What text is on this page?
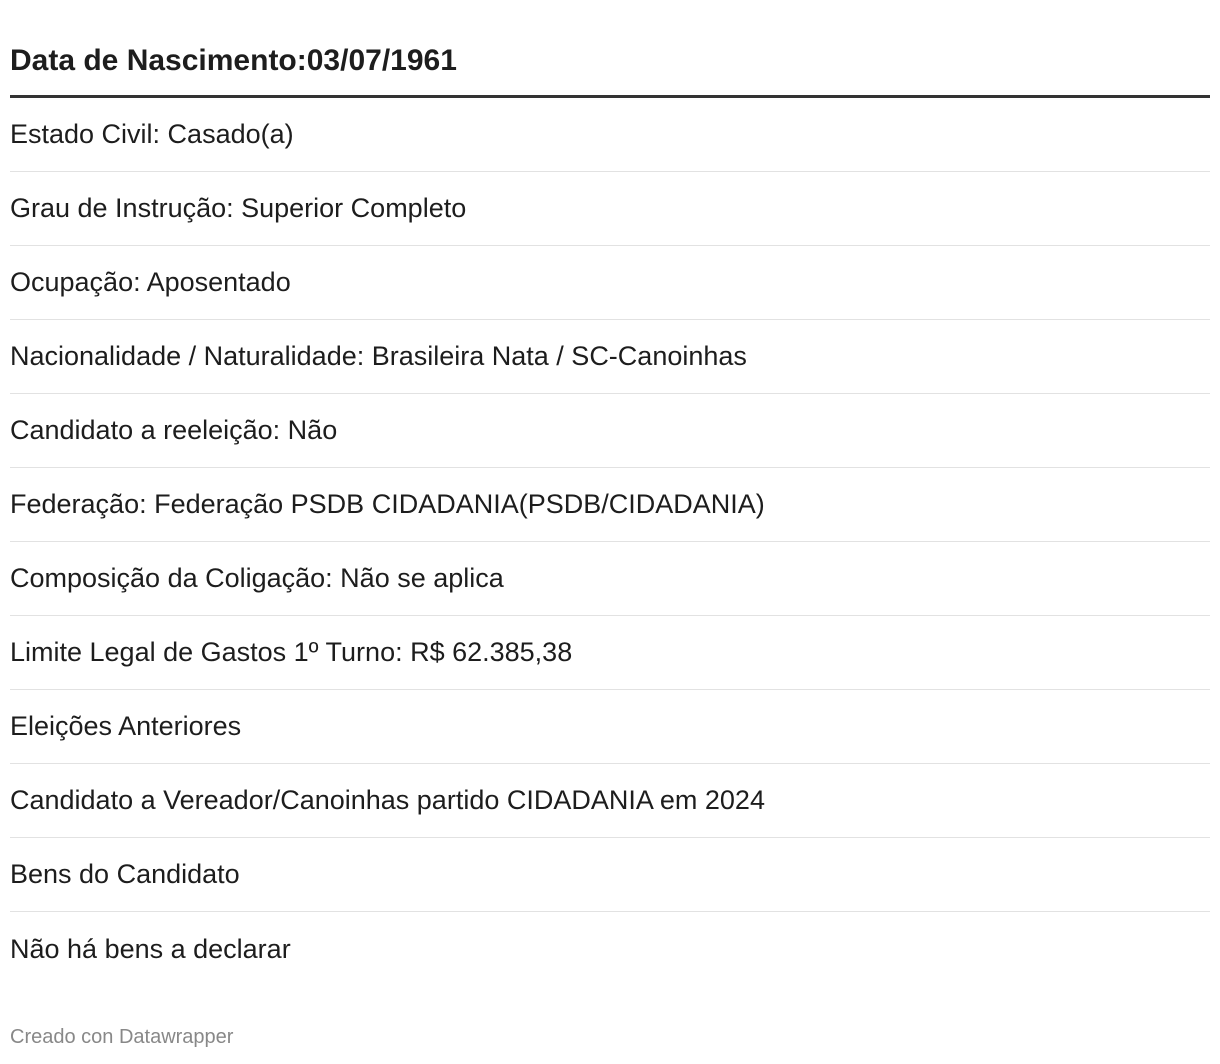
Data de Nascimento:03/07/1961
Estado Civil: Casado(a)
Grau de Instrução: Superior Completo
Ocupação: Aposentado
Nacionalidade / Naturalidade: Brasileira Nata / SC-Canoinhas
Candidato a reeleição: Não
Federação: Federação PSDB CIDADANIA(PSDB/CIDADANIA)
Composição da Coligação: Não se aplica
Limite Legal de Gastos 1º Turno: R$ 62.385,38
Eleições Anteriores
Candidato a Vereador/Canoinhas partido CIDADANIA em 2024
Bens do Candidato
Não há bens a declarar
Creado con Datawrapper
